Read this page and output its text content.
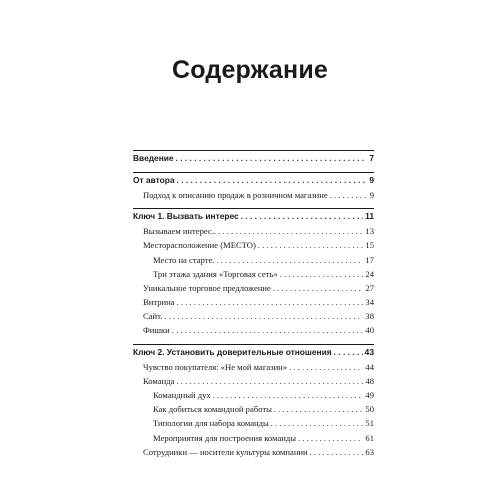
Содержание
Введение . . .	7
От автора . . .	9
Подход к описанию продаж в розничном магазине . . .	9
Ключ 1. Вызвать интерес . . .	11
Вызываем интерес.. . . .	13
Месторасположение (МЕСТО) . . .	15
Место на старте. . . .	17
Три этажа здания «Торговая сеть» . . .	24
Уникальное торговое предложение . . .	27
Витрина . . .	34
Сайт. . . .	38
Фишки . . .	40
Ключ 2. Установить доверительные отношения . . .	43
Чувство покупателя: «Не мой магазин» . . .	44
Команда . . .	48
Командный дух . . .	49
Как добиться командной работы . . .	50
Типологии для набора команды . . .	51
Мероприятия для построения команды . . .	61
Сотрудники — носители культуры компании . . .	63
